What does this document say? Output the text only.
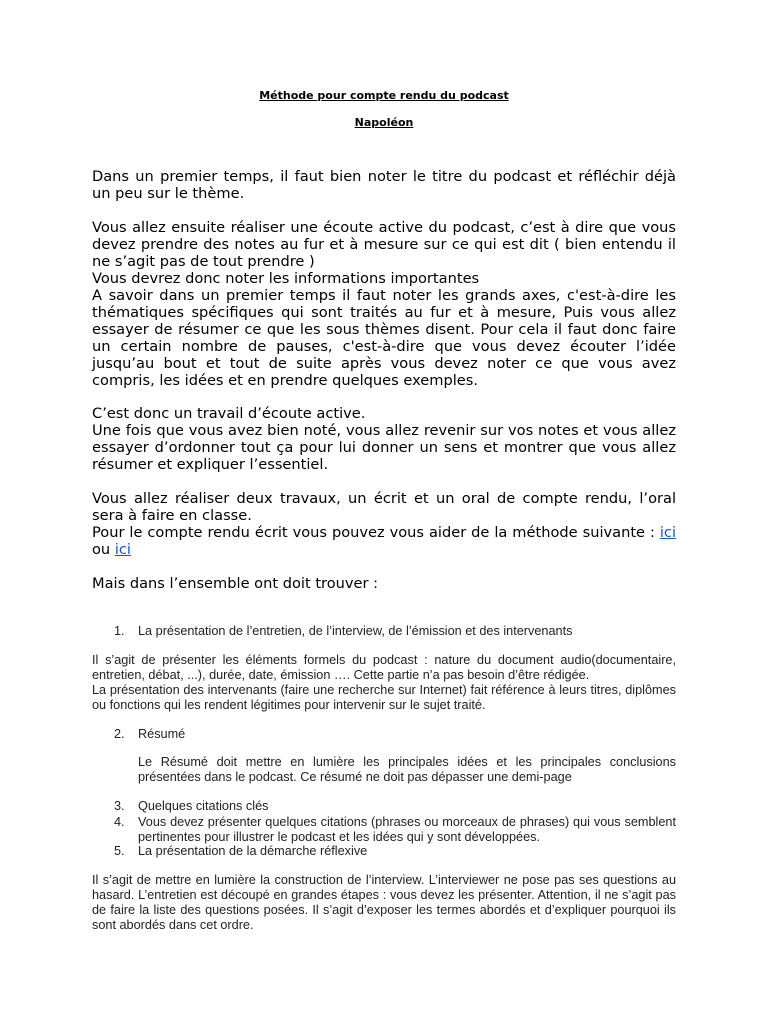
Méthode pour compte rendu du podcast
Napoléon

Dans un premier temps, il faut bien noter le titre du podcast et réfléchir déjà un peu sur le thème.

Vous allez ensuite réaliser une écoute active du podcast, c’est à dire que vous devez prendre des notes au fur et à mesure sur ce qui est dit ( bien entendu il ne s’agit pas de tout prendre )

Vous devrez donc noter les informations importantes

A savoir dans un premier temps il faut noter les grands axes, c'est-à-dire les thématiques spécifiques qui sont traités au fur et à mesure, Puis vous allez essayer de résumer ce que les sous thèmes disent. Pour cela il faut donc faire un certain nombre de pauses, c'est-à-dire que vous devez écouter l’idée jusqu’au bout et tout de suite après vous devez noter ce que vous avez compris, les idées et en prendre quelques exemples.

C’est donc un travail d’écoute active.

Une fois que vous avez bien noté, vous allez revenir sur vos notes et vous allez essayer d’ordonner tout ça pour lui donner un sens et montrer que vous allez résumer et expliquer l’essentiel.

Vous allez réaliser deux travaux, un écrit et un oral de compte rendu, l’oral sera à faire en classe.

Pour le compte rendu écrit vous pouvez vous aider de la méthode suivante : ici ou ici

Mais dans l’ensemble ont doit trouver :

1.	La présentation de l’entretien, de l’interview, de l’émission et des intervenants

Il s’agit de présenter les éléments formels du podcast : nature du document audio(documentaire, entretien, débat, ...), durée, date, émission …. Cette partie n’a pas besoin d’être rédigée.

La présentation des intervenants (faire une recherche sur Internet) fait référence à leurs titres, diplômes ou fonctions qui les rendent légitimes pour intervenir sur le sujet traité.

2.	Résumé

Le Résumé doit mettre en lumière les principales idées et les principales conclusions présentées dans le podcast. Ce résumé ne doit pas dépasser une demi-page

3.	Quelques citations clés
4.	Vous devez présenter quelques citations (phrases ou morceaux de phrases) qui vous semblent pertinentes pour illustrer le podcast et les idées qui y sont développées.
5.	La présentation de la démarche réflexive

Il s’agit de mettre en lumière la construction de l’interview. L’interviewer ne pose pas ses questions au hasard. L’entretien est découpé en grandes étapes : vous devez les présenter. Attention, il ne s’agit pas de faire la liste des questions posées. Il s’agit d’exposer les termes abordés et d’expliquer pourquoi ils sont abordés dans cet ordre.
